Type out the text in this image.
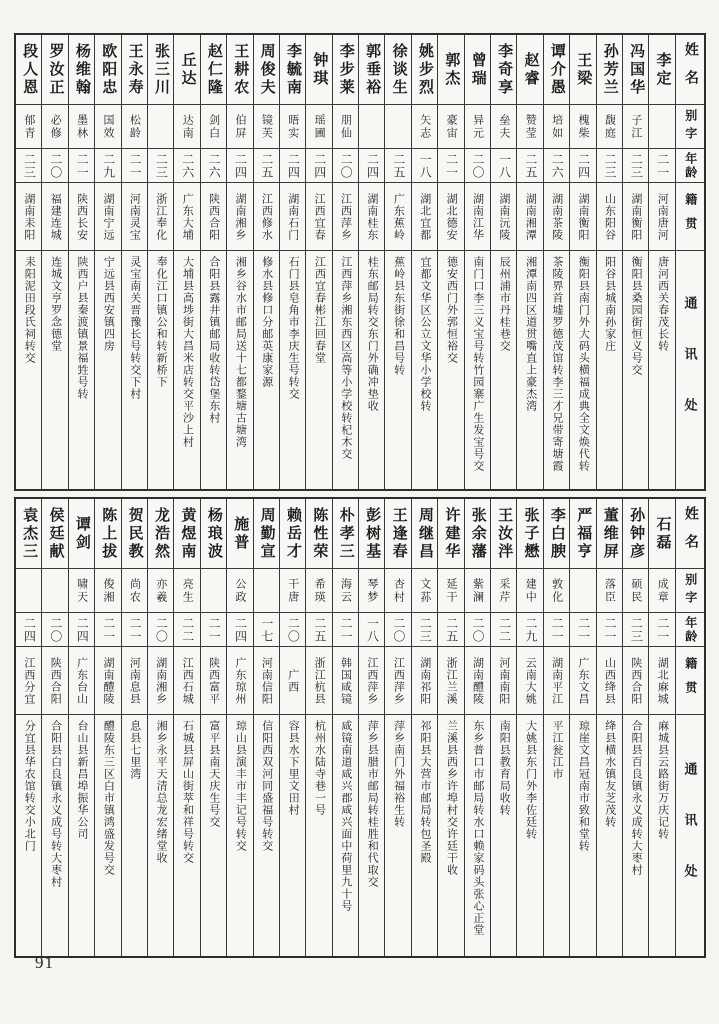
段人恩
郁青
二三
湖南耒阳
耒阳泥田段氏祠转交
罗汝正
必修
二〇
福建连城
连城文亨罗念德堂
杨维翰
墨林
二一
陕西长安
陕西户县秦渡镇景福甡号转
欧阳忠
国效
二九
湖南宁远
宁远县西安镇四房
王永寿
松龄
二一
河南灵宝
灵宝南关晋豫长号转交下村
张三川
二三
浙江奉化
奉化江口镇公和转新桥下
丘达
达南
二六
广东大埔
大埔县高埗街大昌米店转交平沙上村
赵仁隆
剑白
二六
陕西合阳
合阳县露井镇邮局收转岱堡东村
王耕农
伯屏
二四
湖南湘乡
湘乡谷水市邮局送十七都鍪塘古塘湾
周俊夫
镜芙
二五
江西修水
修水县修口分邮英康家源
李毓南
晤实
二四
湖南石门
石门县皂角市李庆生号转交
钟琪
瑶圃
二四
江西宜春
江西宜春彬江回春堂
李步莱
朋仙
二〇
江西萍乡
江西萍乡湘东西区高等小学校转杞木交
郭垂裕
二四
湖南桂东
桂东邮局转交东门外确冲垫收
徐谈生
二五
广东蕉岭
蕉岭县东街徐和昌号转
姚步烈
矢志
一八
湖北宜都
宜都文华区公立文华小学校转
郭杰
豪宙
二一
湖北德安
德安西门外郭恒裕交
曾瑞
异元
二〇
湖南江华
南门口李三义宝号转竹园寨广生发宝号交
李奇享
垒夫
一八
湖南沅陵
辰州浦市丹桂巷交
赵睿
赞莹
二五
湖南湘潭
湘潭南四区道贯嘴直上豪杰湾
谭介愚
培如
二六
湖南茶陵
茶陵界首墟罗德茂馆转李三才兄带寄塘霞
王梁
槐柴
二四
湖南衡阳
衡阳县南门外大码头横福成典全文焕代转
孙芳兰
馥庭
二三
山东阳谷
阳谷县城南孙家庄
冯国华
子江
二三
湖南衡阳
衡阳县桑园街恒义号交
李定
二一
河南唐河
唐河西关春茂长转
姓名
别字
年龄
籍贯
通讯处
袁杰三
二四
江西分宜
分宜县华农馆转交小北门
侯廷献
二〇
陕西合阳
合阳县白良镇永义成号转大枣村
谭剑
啸天
二四
广东台山
台山县新昌埠振华公司
陈上拔
俊湘
二一
湖南醴陵
醴陵东三区白市镇鸿盛发号交
贺民教
尚农
二一
河南息县
息县七里湾
龙浩然
亦羲
二〇
湖南湘乡
湘乡永平天清总龙宏绪堂收
黄煜南
亮生
二二
江西石城
石城县屏山街萃和祥号转交
杨琅波
二一
陕西富平
富平县南天庆生号交
施普
公政
二四
广东琼州
琼山县演丰市丰记号转交
周勤宣
一七
河南信阳
信阳西双河同盛福号转交
赖岳才
干唐
二〇
广西
容县水下里文田村
陈性荣
希瑛
二五
浙江杭县
杭州水陆寺巷一号
朴孝三
海云
二一
韩国咸镜
咸镜南道咸兴郡咸兴面中荷里九十号
彭树基
琴梦
一八
江西萍乡
萍乡县腊市邮局转桂胜和代取交
王逢春
杏村
二〇
江西萍乡
萍乡南门外福裕生转
周继昌
文荪
二三
湖南祁阳
祁阳县大营市邮局转包圣殿
许建华
延干
二五
浙江兰溪
兰溪县西乡许埠村交许廷干收
张余藩
紫澜
二〇
湖南醴陵
东乡普口市邮局转水口赖家码头张心正堂
王汝泮
采芹
二二
河南南阳
南阳县教育局收转
张子懋
建中
二九
云南大姚
大姚县东门外李佐廷转
李白腴
敦化
二一
湖南平江
平江瓮江市
严福亨
二一
广东文昌
琼崖文昌冠南市致和堂转
董维屏
落臣
二一
山西绛县
绛县横水镇友芝茂转
孙钟彦
硕民
二三
陕西合阳
合阳县百良镇永义成转大枣村
石磊
成章
二一
湖北麻城
麻城县云路街万庆记转
姓名
别字
年龄
籍贯
通讯处
91
